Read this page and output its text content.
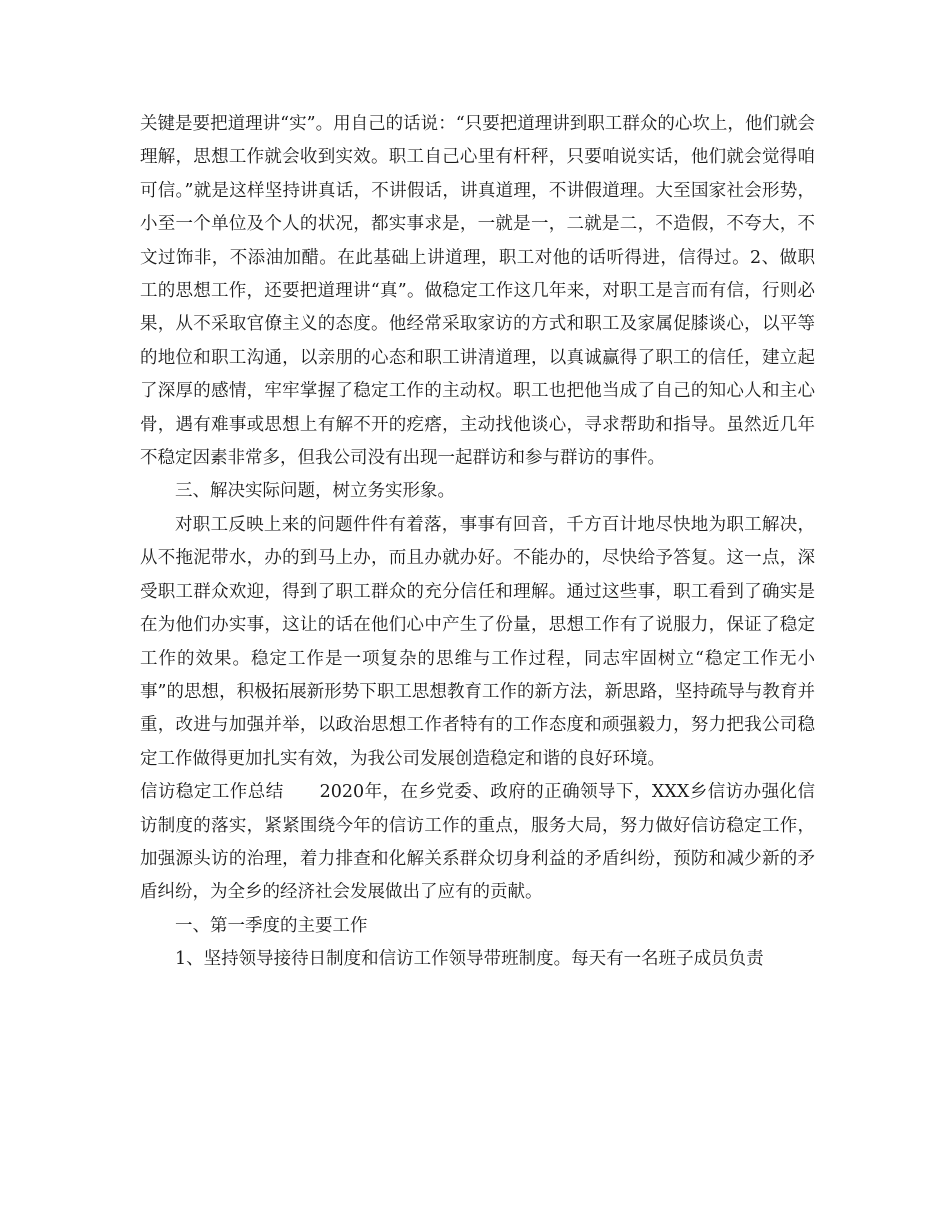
关键是要把道理讲“实”。用自己的话说：“只要把道理讲到职工群众的心坎上，他们就会理解，思想工作就会收到实效。职工自己心里有杆秤，只要咱说实话，他们就会觉得咱可信。”就是这样坚持讲真话，不讲假话，讲真道理，不讲假道理。大至国家社会形势，小至一个单位及个人的状况，都实事求是，一就是一，二就是二，不造假，不夸大，不文过饰非，不添油加醋。在此基础上讲道理，职工对他的话听得进，信得过。2、做职工的思想工作，还要把道理讲“真”。做稳定工作这几年来，对职工是言而有信，行则必果，从不采取官僚主义的态度。他经常采取家访的方式和职工及家属促膝谈心，以平等的地位和职工沟通，以亲朋的心态和职工讲清道理，以真诚赢得了职工的信任，建立起了深厚的感情，牢牢掌握了稳定工作的主动权。职工也把他当成了自己的知心人和主心骨，遇有难事或思想上有解不开的疙瘩，主动找他谈心，寻求帮助和指导。虽然近几年不稳定因素非常多，但我公司没有出现一起群访和参与群访的事件。

三、解决实际问题，树立务实形象。

对职工反映上来的问题件件有着落，事事有回音，千方百计地尽快地为职工解决，从不拖泥带水，办的到马上办，而且办就办好。不能办的，尽快给予答复。这一点，深受职工群众欢迎，得到了职工群众的充分信任和理解。通过这些事，职工看到了确实是在为他们办实事，这让的话在他们心中产生了份量，思想工作有了说服力，保证了稳定工作的效果。稳定工作是一项复杂的思维与工作过程，同志牢固树立“稳定工作无小事”的思想，积极拓展新形势下职工思想教育工作的新方法，新思路，坚持疏导与教育并重，改进与加强并举，以政治思想工作者特有的工作态度和顽强毅力，努力把我公司稳定工作做得更加扎实有效，为我公司发展创造稳定和谐的良好环境。

信访稳定工作总结　　2020年，在乡党委、政府的正确领导下，XXX乡信访办强化信访制度的落实，紧紧围绕今年的信访工作的重点，服务大局，努力做好信访稳定工作，加强源头访的治理，着力排查和化解关系群众切身利益的矛盾纠纷，预防和减少新的矛盾纠纷，为全乡的经济社会发展做出了应有的贡献。

一、第一季度的主要工作

1、坚持领导接待日制度和信访工作领导带班制度。每天有一名班子成员负责
